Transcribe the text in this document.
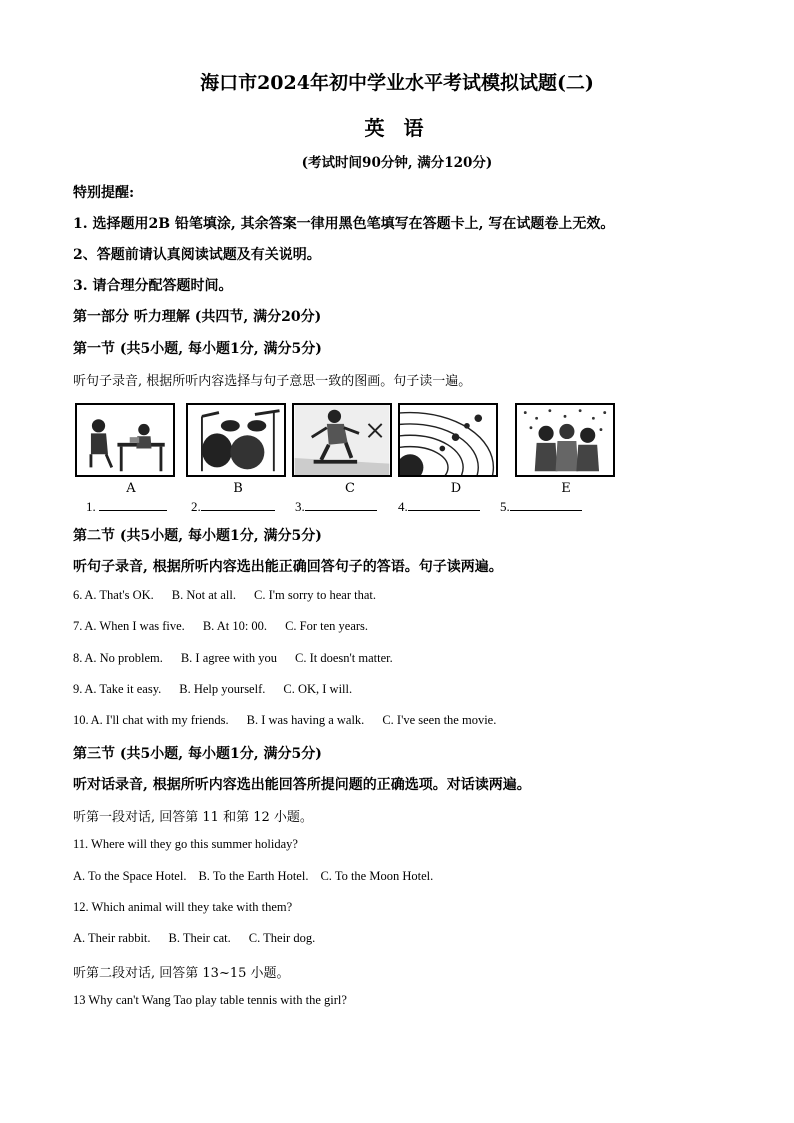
海口市2024年初中学业水平考试模拟试题(二)
英 语
(考试时间90分钟, 满分120分)
特别提醒:
1. 选择题用2B 铅笔填涂, 其余答案一律用黑色笔填写在答题卡上, 写在试题卷上无效。
2、答题前请认真阅读试题及有关说明。
3. 请合理分配答题时间。
第一部分 听力理解 (共四节, 满分20分)
第一节 (共5小题, 每小题1分, 满分5分)
听句子录音, 根据所听内容选择与句子意思一致的图画。句子读一遍。
A	B	C	D	E
1.	2.	3.	4.	5.
第二节 (共5小题, 每小题1分, 满分5分)
听句子录音, 根据所听内容选出能正确回答句子的答语。句子读两遍。
6. A. That's OK. B. Not at all. C. I'm sorry to hear that.
7. A. When I was five. B. At 10: 00. C. For ten years.
8. A. No problem. B. I agree with you C. It doesn't matter.
9. A. Take it easy. B. Help yourself. C. OK, I will.
10. A. I'll chat with my friends. B. I was having a walk. C. I've seen the movie.
第三节 (共5小题, 每小题1分, 满分5分)
听对话录音, 根据所听内容选出能回答所提问题的正确选项。对话读两遍。
听第一段对话, 回答第 11 和第 12 小题。
11. Where will they go this summer holiday?
A. To the Space Hotel. B. To the Earth Hotel. C. To the Moon Hotel.
12. Which animal will they take with them?
A. Their rabbit. B. Their cat. C. Their dog.
听第二段对话, 回答第 13~15 小题。
13 Why can't Wang Tao play table tennis with the girl?
